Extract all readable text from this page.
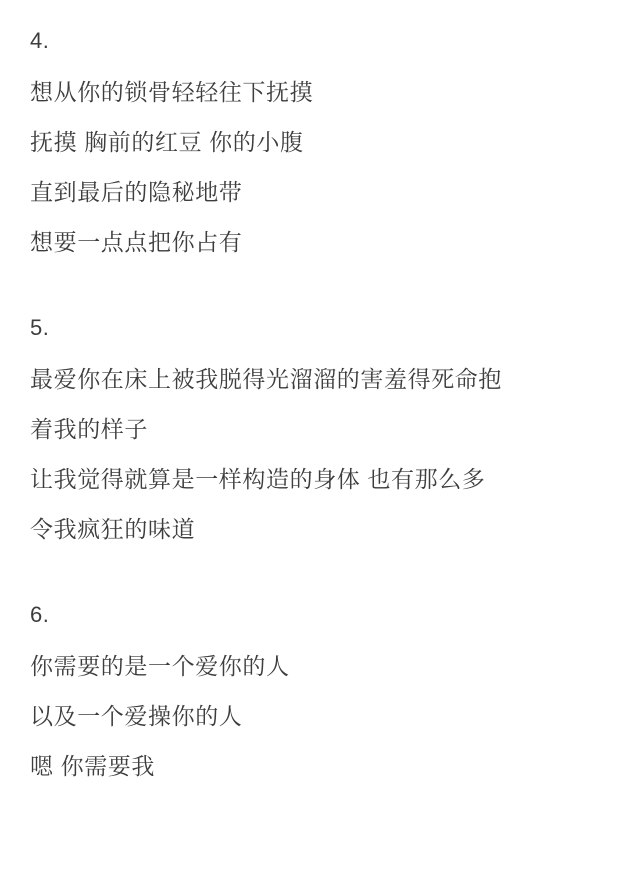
4.
想从你的锁骨轻轻往下抚摸
抚摸 胸前的红豆 你的小腹
直到最后的隐秘地带
想要一点点把你占有
5.
最爱你在床上被我脱得光溜溜的害羞得死命抱
着我的样子
让我觉得就算是一样构造的身体 也有那么多
令我疯狂的味道
6.
你需要的是一个爱你的人
以及一个爱操你的人
嗯 你需要我
